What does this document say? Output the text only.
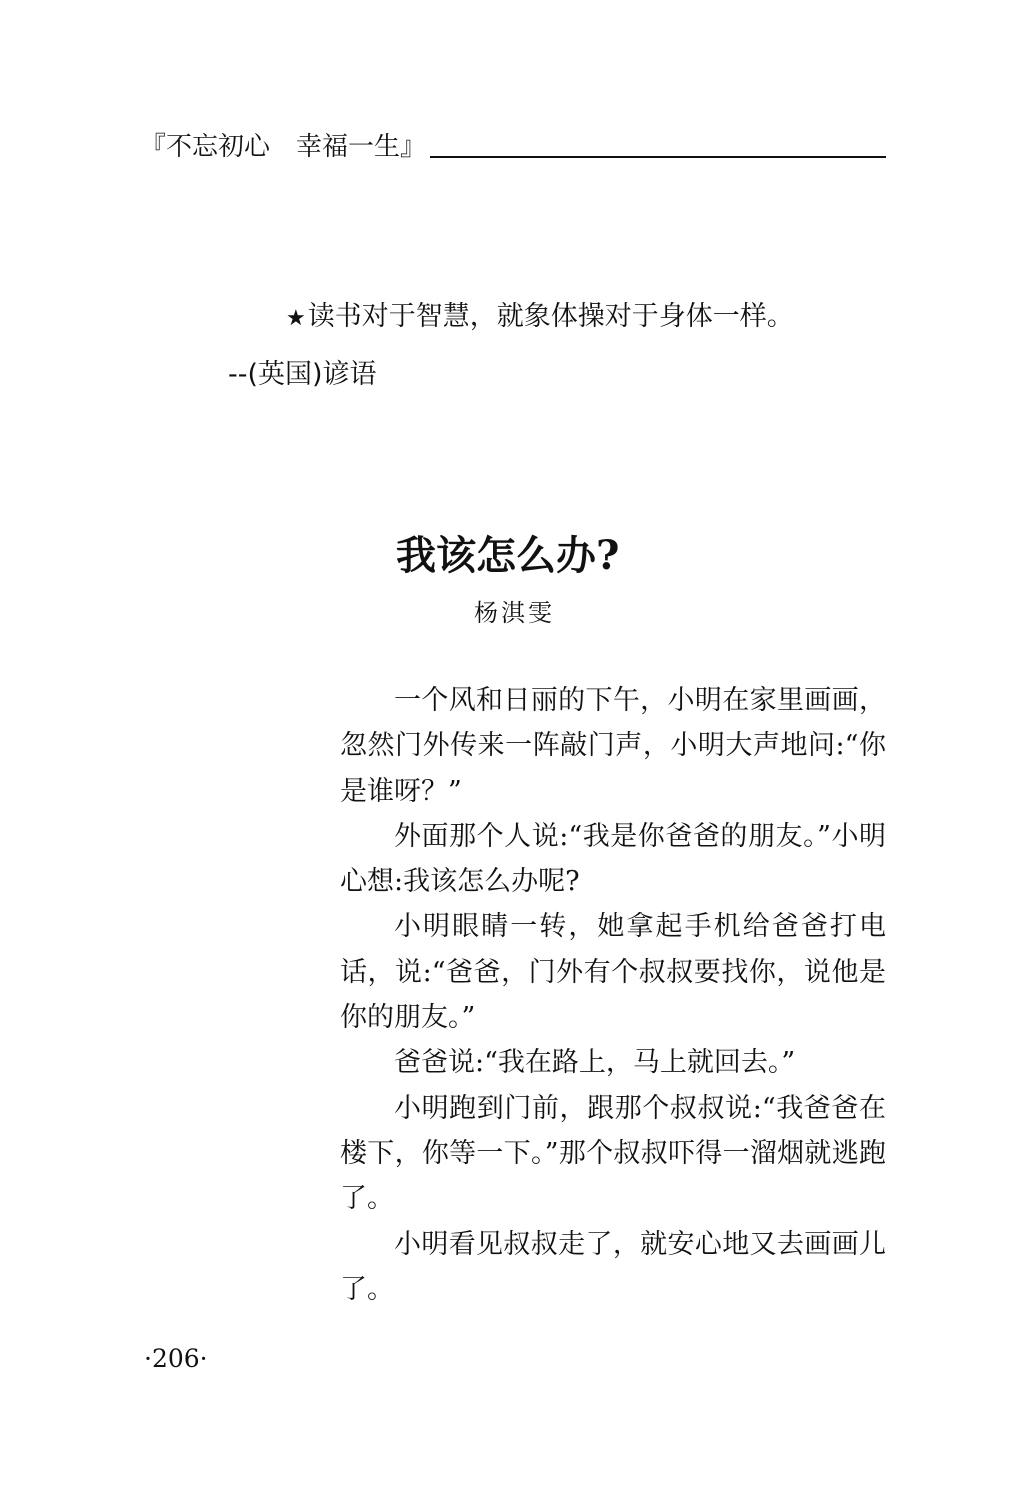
『不忘初心　幸福一生』
★读书对于智慧，就象体操对于身体一样。
--(英国)谚语
我该怎么办?
杨淇雯

一个风和日丽的下午，小明在家里画画，忽然门外传来一阵敲门声，小明大声地问:“你是谁呀？”

外面那个人说:“我是你爸爸的朋友。”小明心想:我该怎么办呢?

小明眼睛一转，她拿起手机给爸爸打电话，说:“爸爸，门外有个叔叔要找你，说他是你的朋友。”

爸爸说:“我在路上，马上就回去。”

小明跑到门前，跟那个叔叔说:“我爸爸在楼下，你等一下。”那个叔叔吓得一溜烟就逃跑了。

小明看见叔叔走了，就安心地又去画画儿了。

·206·
